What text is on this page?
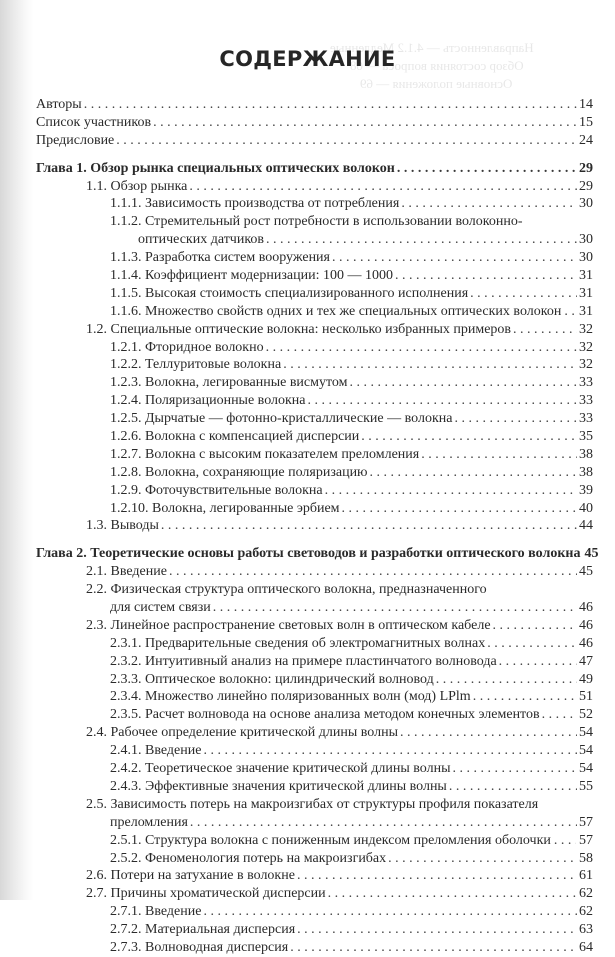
Направленность — 4.1.2 Медленные
Обзор состояния вопроса — 68
Основные положения — 69
СОДЕРЖАНИЕ
Авторы . . .	14
Список участников . . .	15
Предисловие . . .	24
Глава 1. Обзор рынка специальных оптических волокон . . .	29
1.1. Обзор рынка . . .	29
1.1.1. Зависимость производства от потребления . . .	30
1.1.2. Стремительный рост потребности в использовании волоконно-
оптических датчиков . . .	30
1.1.3. Разработка систем вооружения . . .	30
1.1.4. Коэффициент модернизации: 100 — 1000 . . .	31
1.1.5. Высокая стоимость специализированного исполнения . . .	31
1.1.6. Множество свойств одних и тех же специальных оптических волокон . . . 31
1.2. Специальные оптические волокна: несколько избранных примеров . . .	32
1.2.1. Фторидное волокно . . .	32
1.2.2. Теллуритовые волокна . . .	32
1.2.3. Волокна, легированные висмутом . . .	33
1.2.4. Поляризационные волокна . . .	33
1.2.5. Дырчатые — фотонно-кристаллические — волокна . . .	33
1.2.6. Волокна с компенсацией дисперсии . . .	35
1.2.7. Волокна с высоким показателем преломления . . .	38
1.2.8. Волокна, сохраняющие поляризацию . . .	38
1.2.9. Фоточувствительные волокна . . .	39
1.2.10. Волокна, легированные эрбием . . .	40
1.3. Выводы . . .	44
Глава 2. Теоретические основы работы световодов и разработки оптического волокна 45
2.1. Введение . . .	45
2.2. Физическая структура оптического волокна, предназначенного
для систем связи . . .	46
2.3. Линейное распространение световых волн в оптическом кабеле . . .	46
2.3.1. Предварительные сведения об электромагнитных волнах . . .	46
2.3.2. Интуитивный анализ на примере пластинчатого волновода . . .	47
2.3.3. Оптическое волокно: цилиндрический волновод . . .	49
2.3.4. Множество линейно поляризованных волн (мод) LPlm . . .	51
2.3.5. Расчет волновода на основе анализа методом конечных элементов . . .	52
2.4. Рабочее определение критической длины волны . . .	54
2.4.1. Введение . . .	54
2.4.2. Теоретическое значение критической длины волны . . .	54
2.4.3. Эффективные значения критической длины волны . . .	55
2.5. Зависимость потерь на макроизгибах от структуры профиля показателя
преломления . . .	57
2.5.1. Структура волокна с пониженным индексом преломления оболочки . . . 57
2.5.2. Феноменология потерь на макроизгибах . . .	58
2.6. Потери на затухание в волокне . . .	61
2.7. Причины хроматической дисперсии . . .	62
2.7.1. Введение . . .	62
2.7.2. Материальная дисперсия . . .	63
2.7.3. Волноводная дисперсия . . .	64
